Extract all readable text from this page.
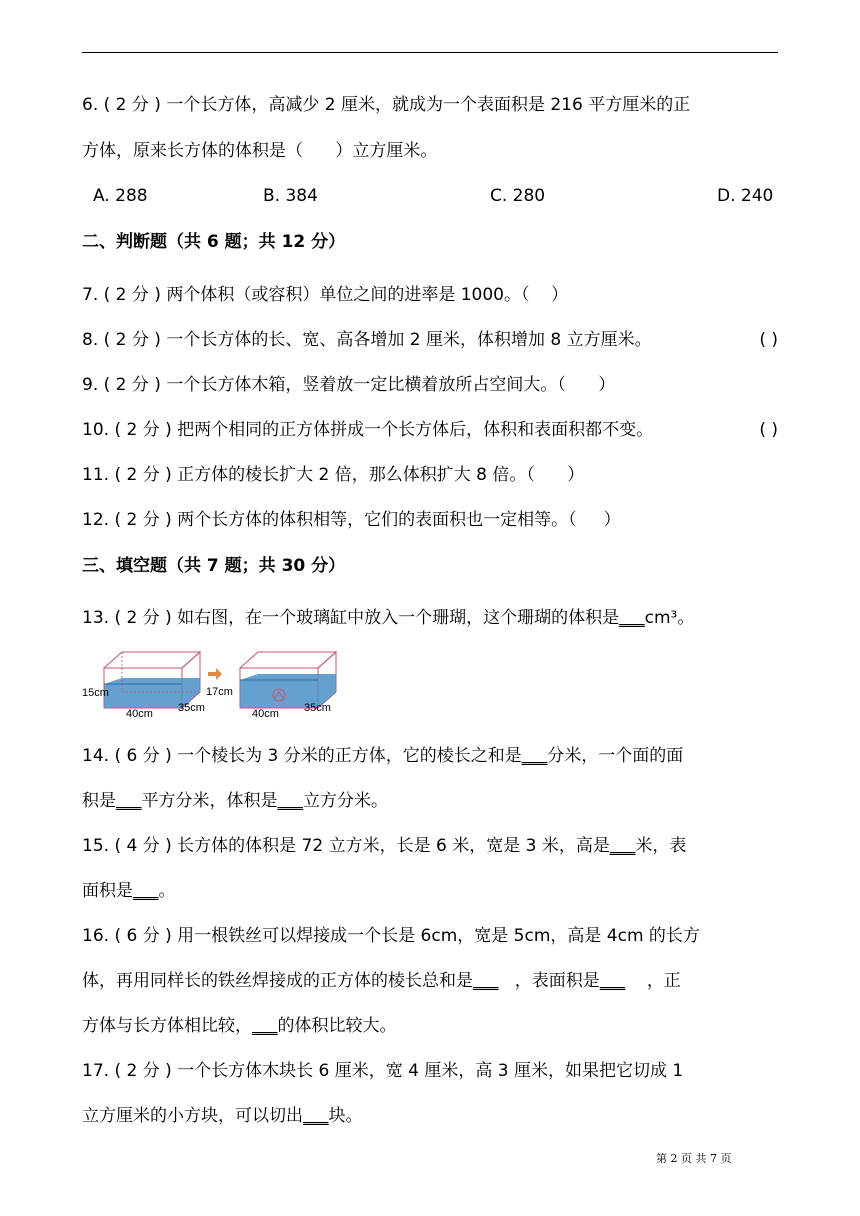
6. ( 2 分 ) 一个长方体，高减少 2 厘米，就成为一个表面积是 216 平方厘米的正
方体，原来长方体的体积是（      ）立方厘米。
A. 288	B. 384	C. 280	D. 240
二、判断题（共 6 题；共 12 分）
7. ( 2 分 ) 两个体积（或容积）单位之间的进率是 1000。（    ）
8. ( 2 分 ) 一个长方体的长、宽、高各增加 2 厘米，体积增加 8 立方厘米。	( )
9. ( 2 分 ) 一个长方体木箱，竖着放一定比横着放所占空间大。（      ）
10. ( 2 分 ) 把两个相同的正方体拼成一个长方体后，体积和表面积都不变。	( )
11. ( 2 分 ) 正方体的棱长扩大 2 倍，那么体积扩大 8 倍。（      ）
12. ( 2 分 ) 两个长方体的体积相等，它们的表面积也一定相等。（     ）
三、填空题（共 7 题；共 30 分）
13. ( 2 分 ) 如右图，在一个玻璃缸中放入一个珊瑚，这个珊瑚的体积是___cm³。
15cm
40cm 35cm
17cm
40cm 35cm
14. ( 6 分 ) 一个棱长为 3 分米的正方体，它的棱长之和是___分米，一个面的面
积是___平方分米，体积是___立方分米。
15. ( 4 分 ) 长方体的体积是 72 立方米，长是 6 米，宽是 3 米，高是___米，表
面积是___。
16. ( 6 分 ) 用一根铁丝可以焊接成一个长是 6cm，宽是 5cm，高是 4cm 的长方
体，再用同样长的铁丝焊接成的正方体的棱长总和是___   ，表面积是___    ，正
方体与长方体相比较，___的体积比较大。
17. ( 2 分 ) 一个长方体木块长 6 厘米，宽 4 厘米，高 3 厘米，如果把它切成 1
立方厘米的小方块，可以切出___块。
第 2 页 共 7 页
